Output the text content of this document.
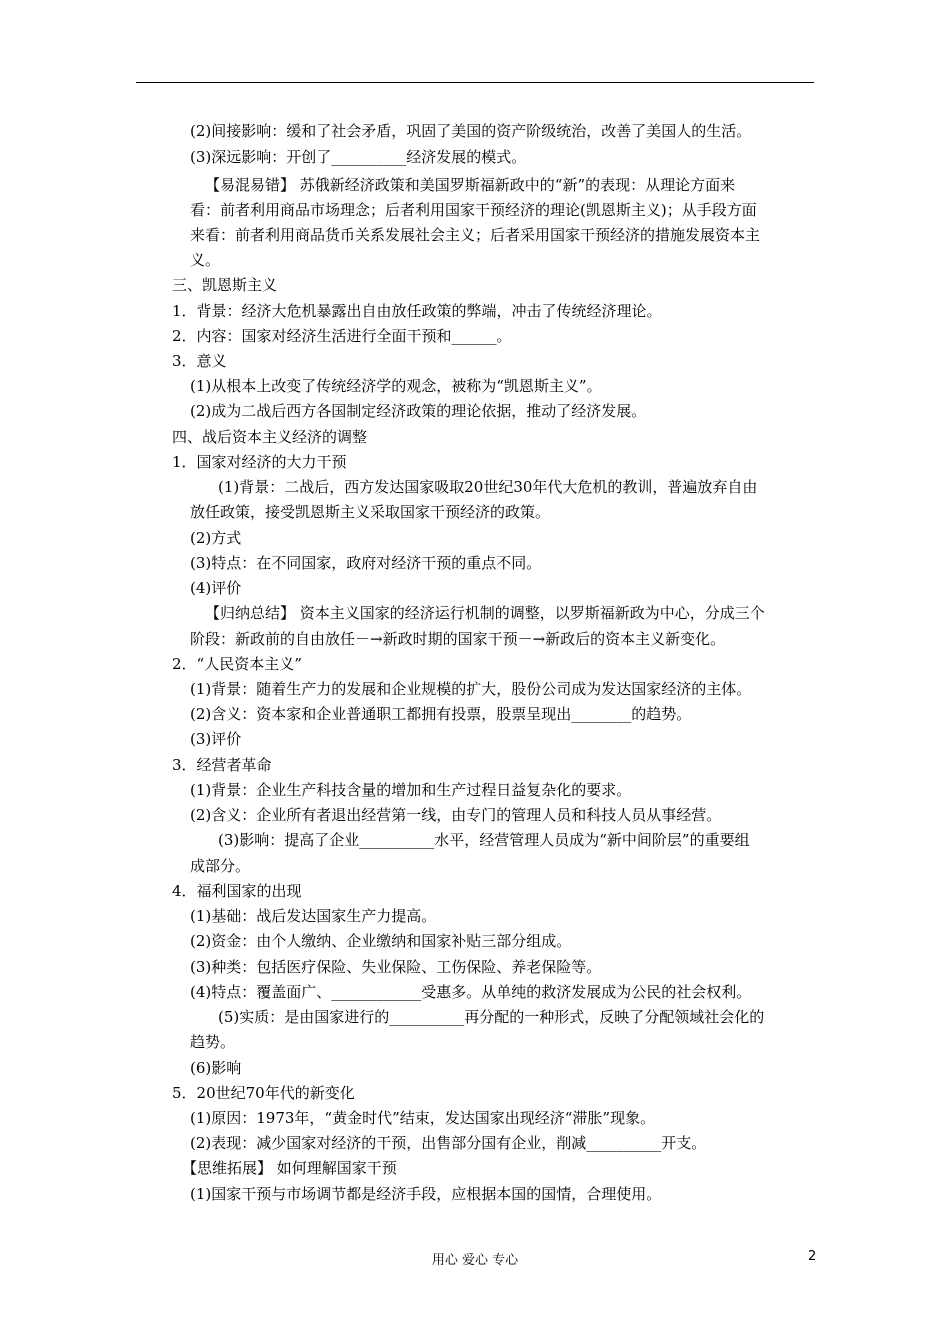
(2)间接影响：缓和了社会矛盾，巩固了美国的资产阶级统治，改善了美国人的生活。
(3)深远影响：开创了__________经济发展的模式。
【易混易错】 苏俄新经济政策和美国罗斯福新政中的“新”的表现：从理论方面来
看：前者利用商品市场理念；后者利用国家干预经济的理论(凯恩斯主义)；从手段方面
来看：前者利用商品货币关系发展社会主义；后者采用国家干预经济的措施发展资本主
义。
三、凯恩斯主义
1．背景：经济大危机暴露出自由放任政策的弊端，冲击了传统经济理论。
2．内容：国家对经济生活进行全面干预和______。
3．意义
(1)从根本上改变了传统经济学的观念，被称为“凯恩斯主义”。
(2)成为二战后西方各国制定经济政策的理论依据，推动了经济发展。
四、战后资本主义经济的调整
1．国家对经济的大力干预
(1)背景：二战后，西方发达国家吸取20世纪30年代大危机的教训，普遍放弃自由
放任政策，接受凯恩斯主义采取国家干预经济的政策。
(2)方式
(3)特点：在不同国家，政府对经济干预的重点不同。
(4)评价
【归纳总结】 资本主义国家的经济运行机制的调整，以罗斯福新政为中心，分成三个
阶段：新政前的自由放任－→新政时期的国家干预－→新政后的资本主义新变化。
2．“人民资本主义”
(1)背景：随着生产力的发展和企业规模的扩大，股份公司成为发达国家经济的主体。
(2)含义：资本家和企业普通职工都拥有投票，股票呈现出________的趋势。
(3)评价
3．经营者革命
(1)背景：企业生产科技含量的增加和生产过程日益复杂化的要求。
(2)含义：企业所有者退出经营第一线，由专门的管理人员和科技人员从事经营。
(3)影响：提高了企业__________水平，经营管理人员成为“新中间阶层”的重要组
成部分。
4．福利国家的出现
(1)基础：战后发达国家生产力提高。
(2)资金：由个人缴纳、企业缴纳和国家补贴三部分组成。
(3)种类：包括医疗保险、失业保险、工伤保险、养老保险等。
(4)特点：覆盖面广、____________受惠多。从单纯的救济发展成为公民的社会权利。
(5)实质：是由国家进行的__________再分配的一种形式，反映了分配领域社会化的
趋势。
(6)影响
5．20世纪70年代的新变化
(1)原因：1973年，“黄金时代”结束，发达国家出现经济“滞胀”现象。
(2)表现：减少国家对经济的干预，出售部分国有企业，削减__________开支。
【思维拓展】 如何理解国家干预
(1)国家干预与市场调节都是经济手段，应根据本国的国情，合理使用。
用心 爱心 专心	2
